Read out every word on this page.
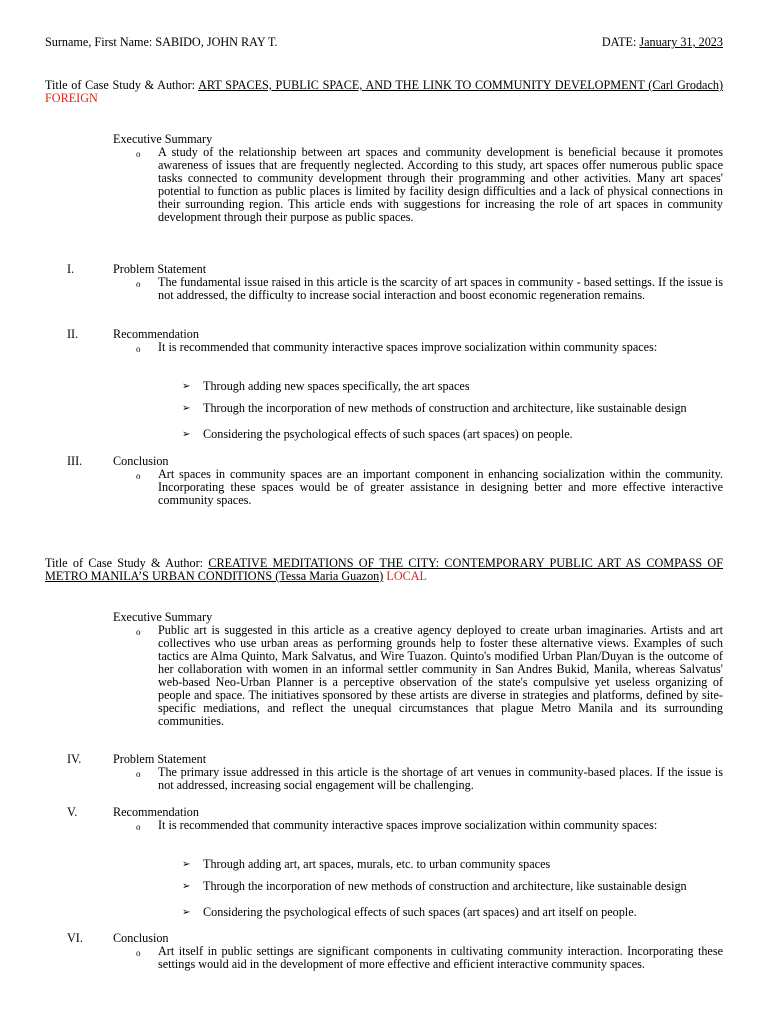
Surname, First Name: SABIDO, JOHN RAY T.	DATE: January 31, 2023
Title of Case Study & Author: ART SPACES, PUBLIC SPACE, AND THE LINK TO COMMUNITY DEVELOPMENT (Carl Grodach) FOREIGN
Executive Summary
o A study of the relationship between art spaces and community development is beneficial because it promotes awareness of issues that are frequently neglected. According to this study, art spaces offer numerous public space tasks connected to community development through their programming and other activities. Many art spaces' potential to function as public places is limited by facility design difficulties and a lack of physical connections in their surrounding region. This article ends with suggestions for increasing the role of art spaces in community development through their purpose as public spaces.
I.	Problem Statement
o The fundamental issue raised in this article is the scarcity of art spaces in community - based settings. If the issue is not addressed, the difficulty to increase social interaction and boost economic regeneration remains.
II.	Recommendation
o It is recommended that community interactive spaces improve socialization within community spaces:
➢ Through adding new spaces specifically, the art spaces
➢ Through the incorporation of new methods of construction and architecture, like sustainable design
➢ Considering the psychological effects of such spaces (art spaces) on people.
III.	Conclusion
o Art spaces in community spaces are an important component in enhancing socialization within the community. Incorporating these spaces would be of greater assistance in designing better and more effective interactive community spaces.
Title of Case Study & Author: CREATIVE MEDITATIONS OF THE CITY: CONTEMPORARY PUBLIC ART AS COMPASS OF METRO MANILA’S URBAN CONDITIONS (Tessa Maria Guazon) LOCAL
Executive Summary
o Public art is suggested in this article as a creative agency deployed to create urban imaginaries. Artists and art collectives who use urban areas as performing grounds help to foster these alternative views. Examples of such tactics are Alma Quinto, Mark Salvatus, and Wire Tuazon. Quinto's modified Urban Plan/Duyan is the outcome of her collaboration with women in an informal settler community in San Andres Bukid, Manila, whereas Salvatus' web-based Neo-Urban Planner is a perceptive observation of the state's compulsive yet useless organizing of people and space. The initiatives sponsored by these artists are diverse in strategies and platforms, defined by site-specific mediations, and reflect the unequal circumstances that plague Metro Manila and its surrounding communities.
IV.	Problem Statement
o The primary issue addressed in this article is the shortage of art venues in community-based places. If the issue is not addressed, increasing social engagement will be challenging.
V.	Recommendation
o It is recommended that community interactive spaces improve socialization within community spaces:
➢ Through adding art, art spaces, murals, etc. to urban community spaces
➢ Through the incorporation of new methods of construction and architecture, like sustainable design
➢ Considering the psychological effects of such spaces (art spaces) and art itself on people.
VI. Conclusion
o Art itself in public settings are significant components in cultivating community interaction. Incorporating these settings would aid in the development of more effective and efficient interactive community spaces.
